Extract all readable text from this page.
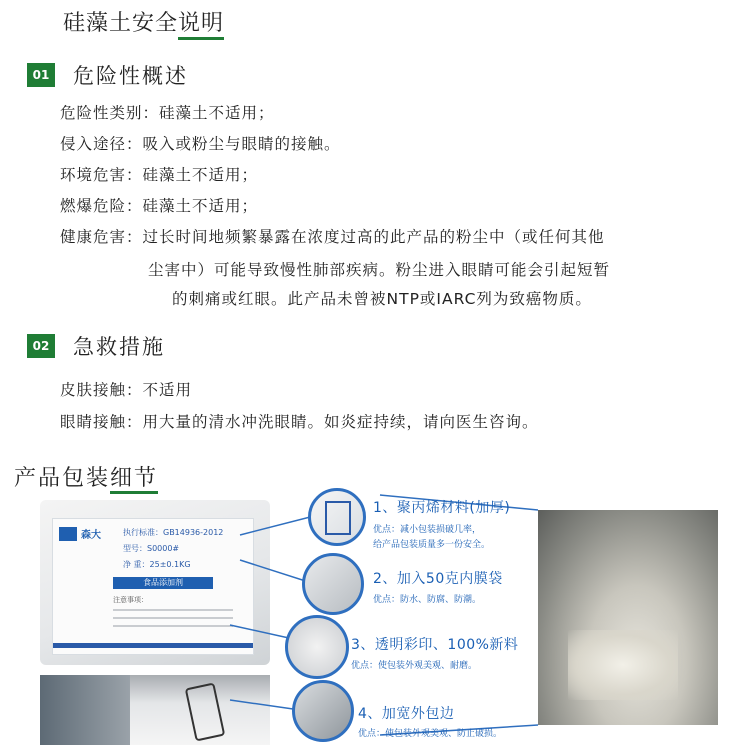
硅藻土安全说明
01 危险性概述
危险性类别：硅藻土不适用；
侵入途径：吸入或粉尘与眼睛的接触。
环境危害：硅藻土不适用；
燃爆危险：硅藻土不适用；
健康危害：过长时间地频繁暴露在浓度过高的此产品的粉尘中（或任何其他
尘害中）可能导致慢性肺部疾病。粉尘进入眼睛可能会引起短暂
的刺痛或红眼。此产品未曾被NTP或IARC列为致癌物质。
02 急救措施
皮肤接触：不适用
眼睛接触：用大量的清水冲洗眼睛。如炎症持续，请向医生咨询。
产品包装细节
森大	执行标准：GB14936-2012
型号：S0000#
净 重：25±0.1KG
食品添加剂
注意事项：
1、聚丙烯材料(加厚)
优点：减小包装损破几率，
给产品包装质量多一份安全。
2、加入50克内膜袋
优点：防水、防腐、防潮。
3、透明彩印、100%新料
优点：使包装外观美观、耐磨。
4、加宽外包边
优点：使包装外观美观、防止破损。
